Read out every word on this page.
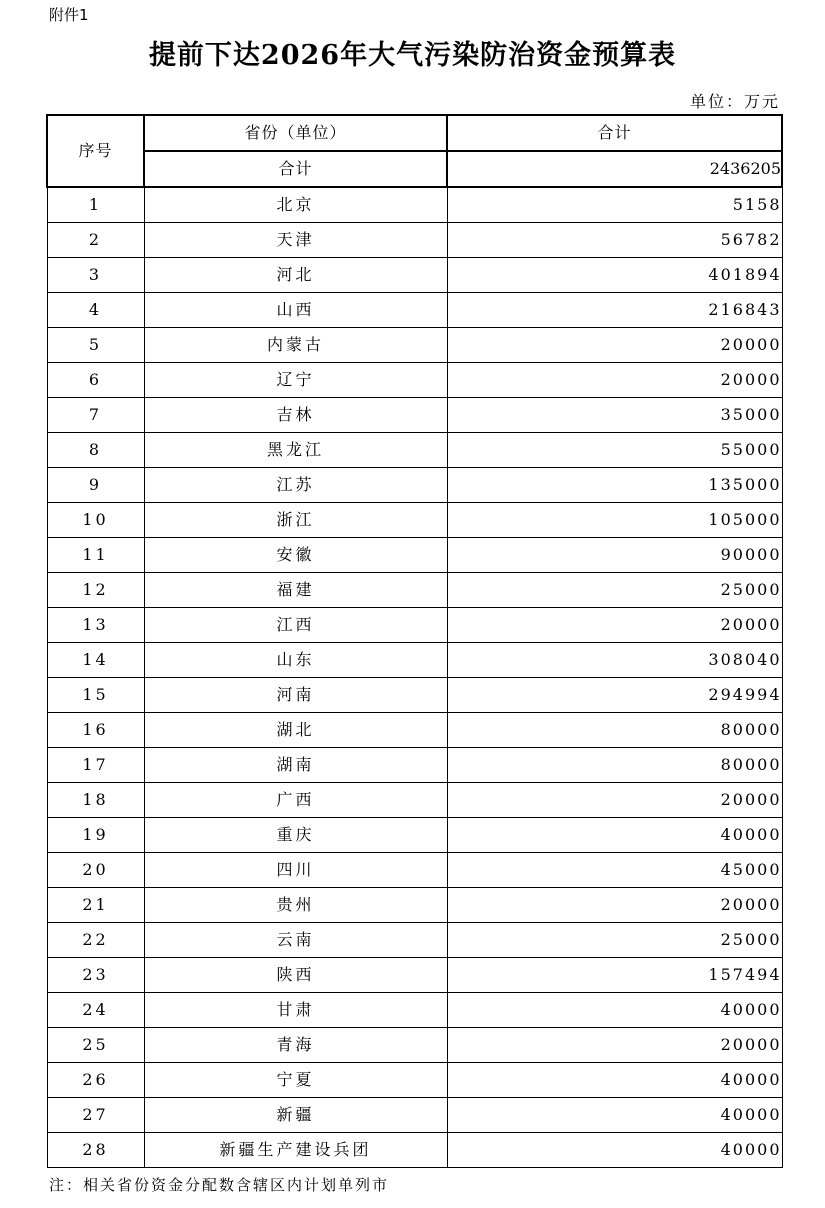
附件1
提前下达2026年大气污染防治资金预算表
单位：万元
序号	省份（单位）	合计
	合计	2436205
1	北京	5158
2	天津	56782
3	河北	401894
4	山西	216843
5	内蒙古	20000
6	辽宁	20000
7	吉林	35000
8	黑龙江	55000
9	江苏	135000
10	浙江	105000
11	安徽	90000
12	福建	25000
13	江西	20000
14	山东	308040
15	河南	294994
16	湖北	80000
17	湖南	80000
18	广西	20000
19	重庆	40000
20	四川	45000
21	贵州	20000
22	云南	25000
23	陕西	157494
24	甘肃	40000
25	青海	20000
26	宁夏	40000
27	新疆	40000
28	新疆生产建设兵团	40000
注：相关省份资金分配数含辖区内计划单列市
